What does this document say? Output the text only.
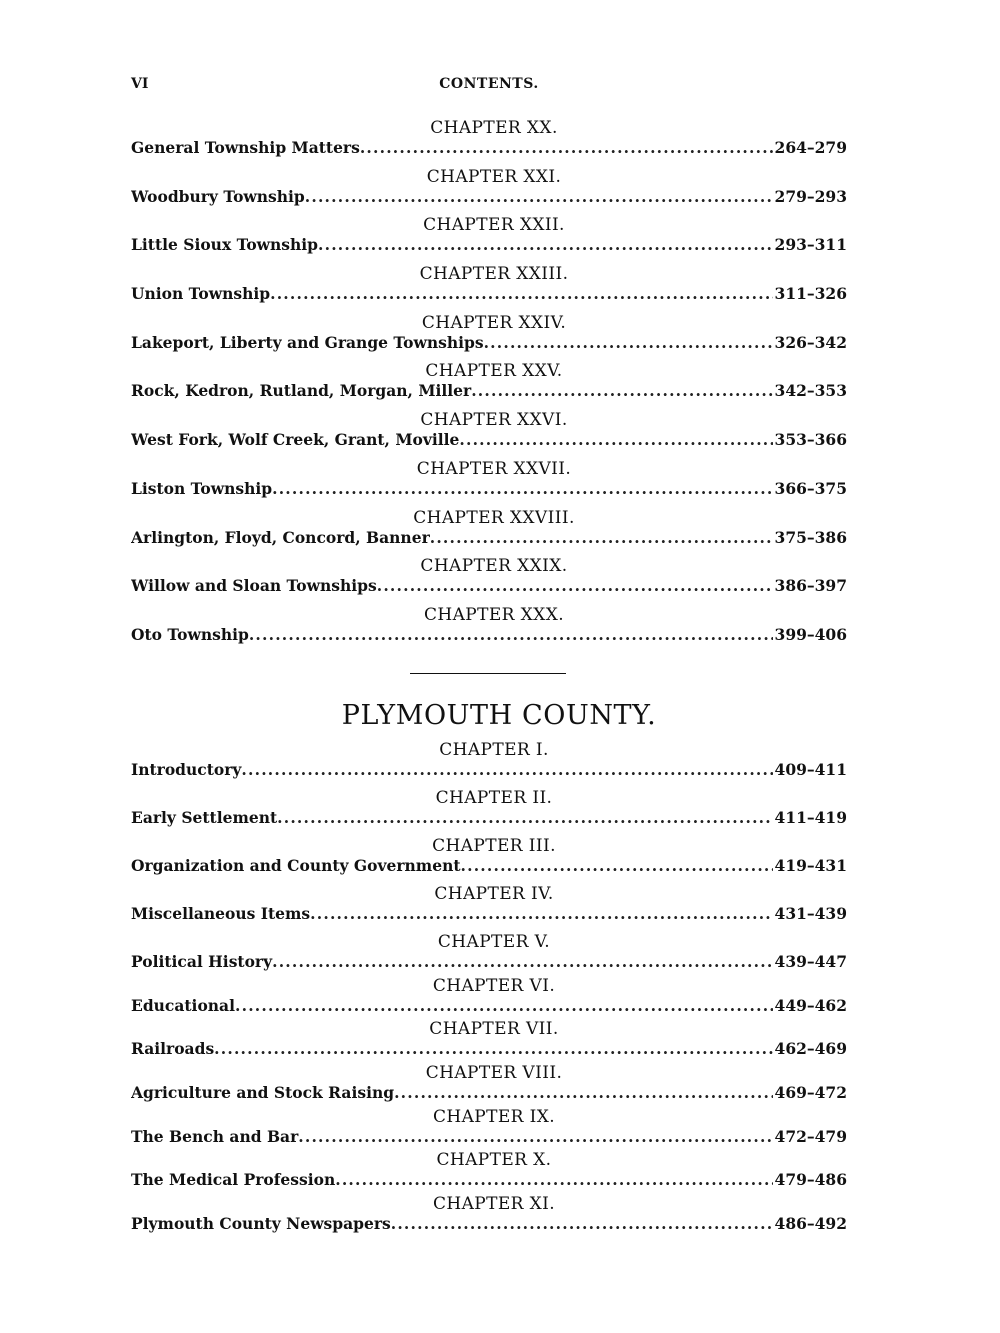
VI	CONTENTS.
CHAPTER XX.
General Township Matters .....	264–279
CHAPTER XXI.
Woodbury Township .....	279–293
CHAPTER XXII.
Little Sioux Township .....	293–311
CHAPTER XXIII.
Union Township .....	311–326
CHAPTER XXIV.
Lakeport, Liberty and Grange Townships .....	326–342
CHAPTER XXV.
Rock, Kedron, Rutland, Morgan, Miller .....	342–353
CHAPTER XXVI.
West Fork, Wolf Creek, Grant, Moville .....	353–366
CHAPTER XXVII.
Liston Township .....	366–375
CHAPTER XXVIII.
Arlington, Floyd, Concord, Banner .....	375–386
CHAPTER XXIX.
Willow and Sloan Townships .....	386–397
CHAPTER XXX.
Oto Township .....	399–406
PLYMOUTH COUNTY.
CHAPTER I.
Introductory .....	409–411
CHAPTER II.
Early Settlement .....	411–419
CHAPTER III.
Organization and County Government .....	419–431
CHAPTER IV.
Miscellaneous Items .....	431–439
CHAPTER V.
Political History .....	439–447
CHAPTER VI.
Educational .....	449–462
CHAPTER VII.
Railroads .....	462–469
CHAPTER VIII.
Agriculture and Stock Raising .....	469–472
CHAPTER IX.
The Bench and Bar .....	472–479
CHAPTER X.
The Medical Profession .....	479–486
CHAPTER XI.
Plymouth County Newspapers .....	486–492
